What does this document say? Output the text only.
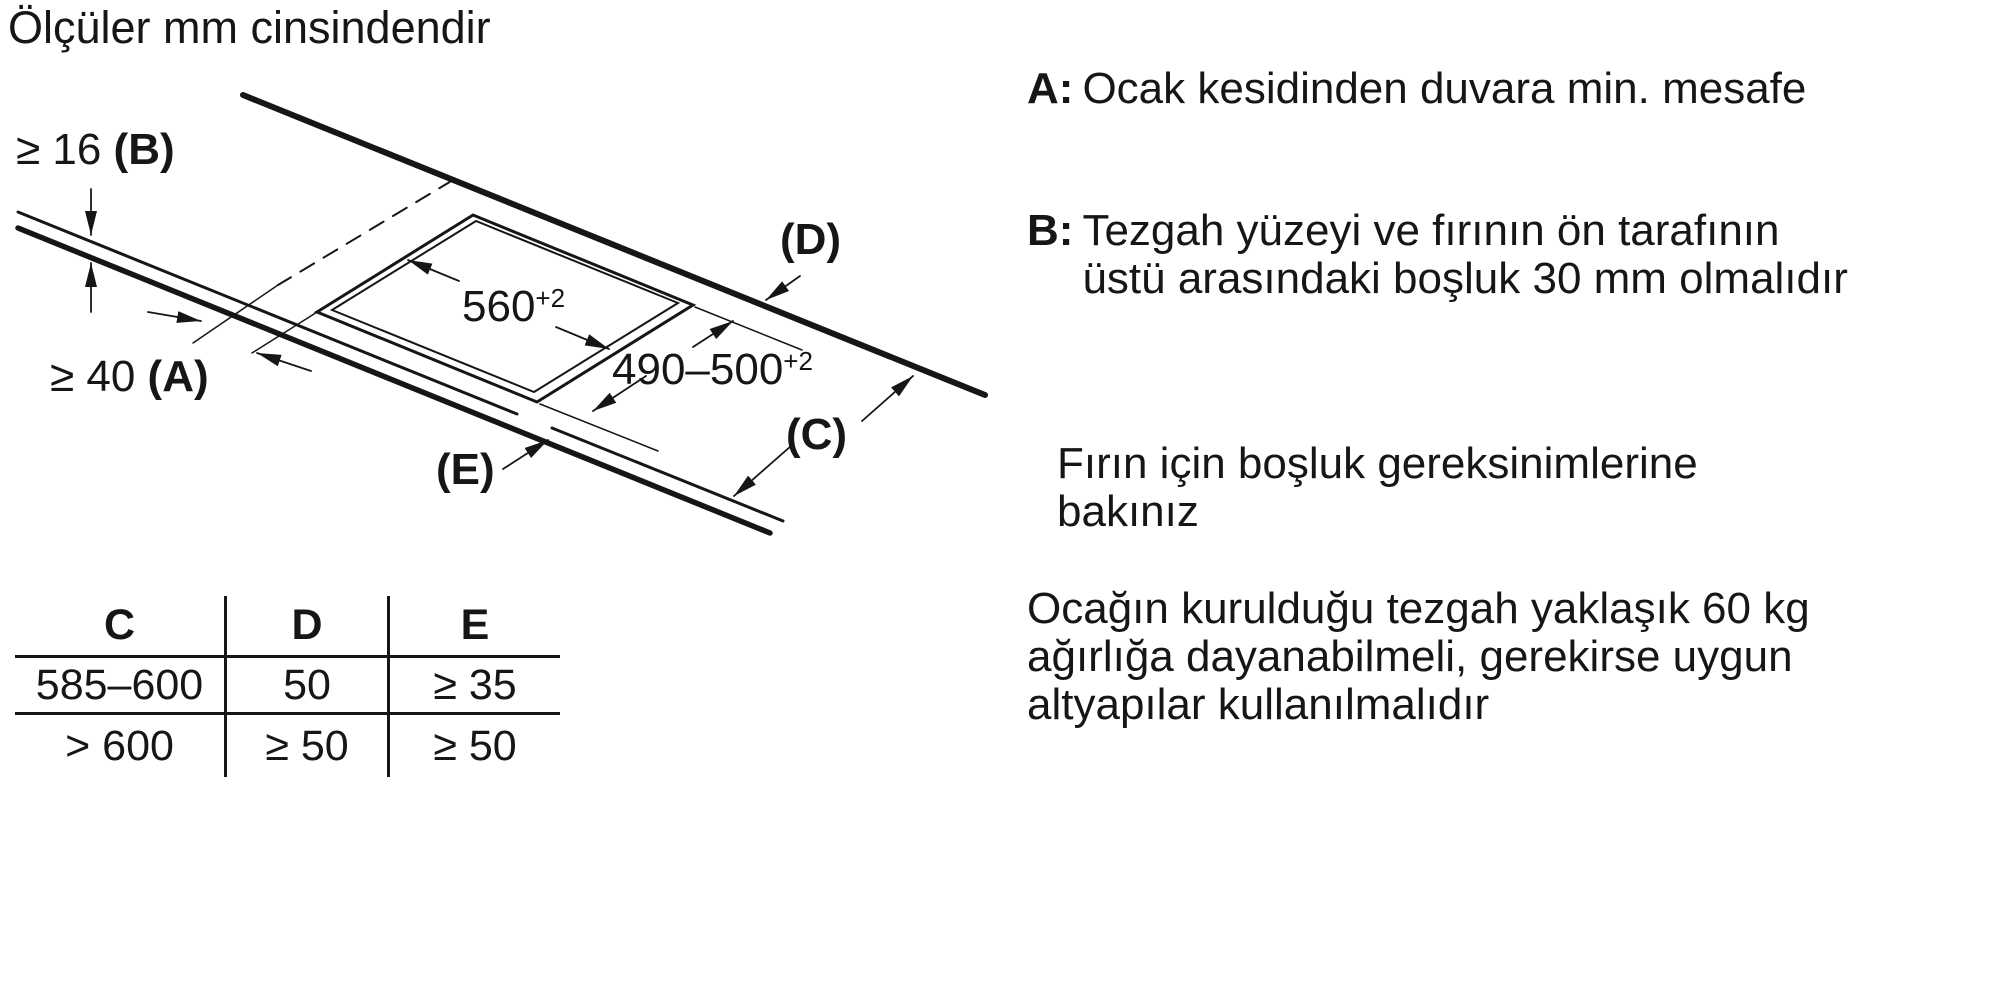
Ölçüler mm cinsindendir
≥ 16 (B)
≥ 40 (A)
$560^{+2}$
$490-500^{+2}$
(D)
(C)
(E)
C	D	E
585–600	50	≥ 35
> 600	≥ 50	≥ 50
A: Ocak kesidinden duvara min. mesafe
B: Tezgah yüzeyi ve fırının ön tarafının
üstü arasındaki boşluk 30 mm olmalıdır
Fırın için boşluk gereksinimlerine
bakınız
Ocağın kurulduğu tezgah yaklaşık 60 kg
ağırlığa dayanabilmeli, gerekirse uygun
altyapılar kullanılmalıdır
